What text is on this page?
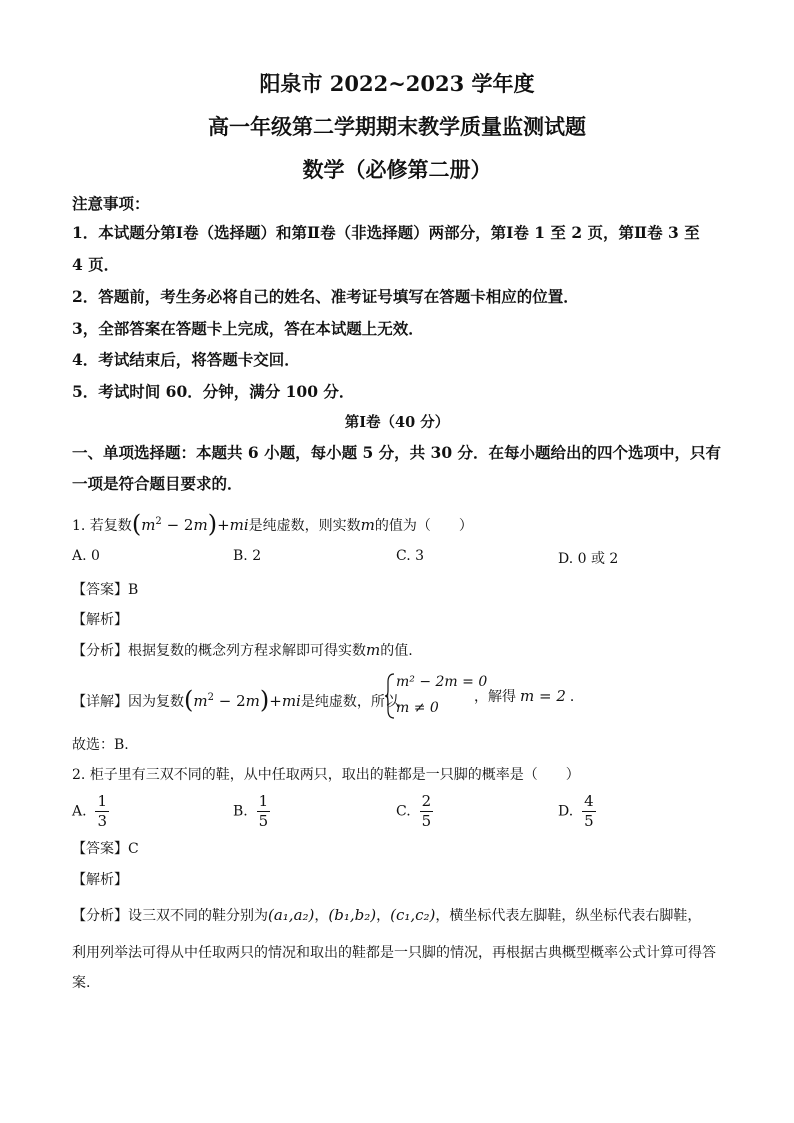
阳泉市 2022~2023 学年度
高一年级第二学期期末教学质量监测试题
数学（必修第二册）
注意事项：
1．本试题分第Ⅰ卷（选择题）和第Ⅱ卷（非选择题）两部分，第Ⅰ卷 1 至 2 页，第Ⅱ卷 3 至
4 页．
2．答题前，考生务必将自己的姓名、准考证号填写在答题卡相应的位置．
3，全部答案在答题卡上完成，答在本试题上无效．
4．考试结束后，将答题卡交回．
5．考试时间 60．分钟，满分 100 分．
第Ⅰ卷（40 分）
一、单项选择题：本题共 6 小题，每小题 5 分，共 30 分．在每小题给出的四个选项中，只有
一项是符合题目要求的．
1. 若复数$(m^2 - 2m)+mi$是纯虚数，则实数m的值为（　　）
A. 0	B. 2	C. 3	D. 0 或 2
【答案】B
【解析】
【分析】根据复数的概念列方程求解即可得实数m的值.
【详解】因为复数$(m^2 - 2m)+mi$是纯虚数，所以
m² − 2m = 0
m ≠ 0
，解得 m = 2 ．
故选：B.
2. 柜子里有三双不同的鞋，从中任取两只，取出的鞋都是一只脚的概率是（　　）
A. $\frac{1}{3}$	B. $\frac{1}{5}$	C. $\frac{2}{5}$	D. $\frac{4}{5}$
【答案】C
【解析】
【分析】设三双不同的鞋分别为(a₁,a₂)，(b₁,b₂)，(c₁,c₂)，横坐标代表左脚鞋，纵坐标代表右脚鞋，
利用列举法可得从中任取两只的情况和取出的鞋都是一只脚的情况，再根据古典概型概率公式计算可得答
案.
